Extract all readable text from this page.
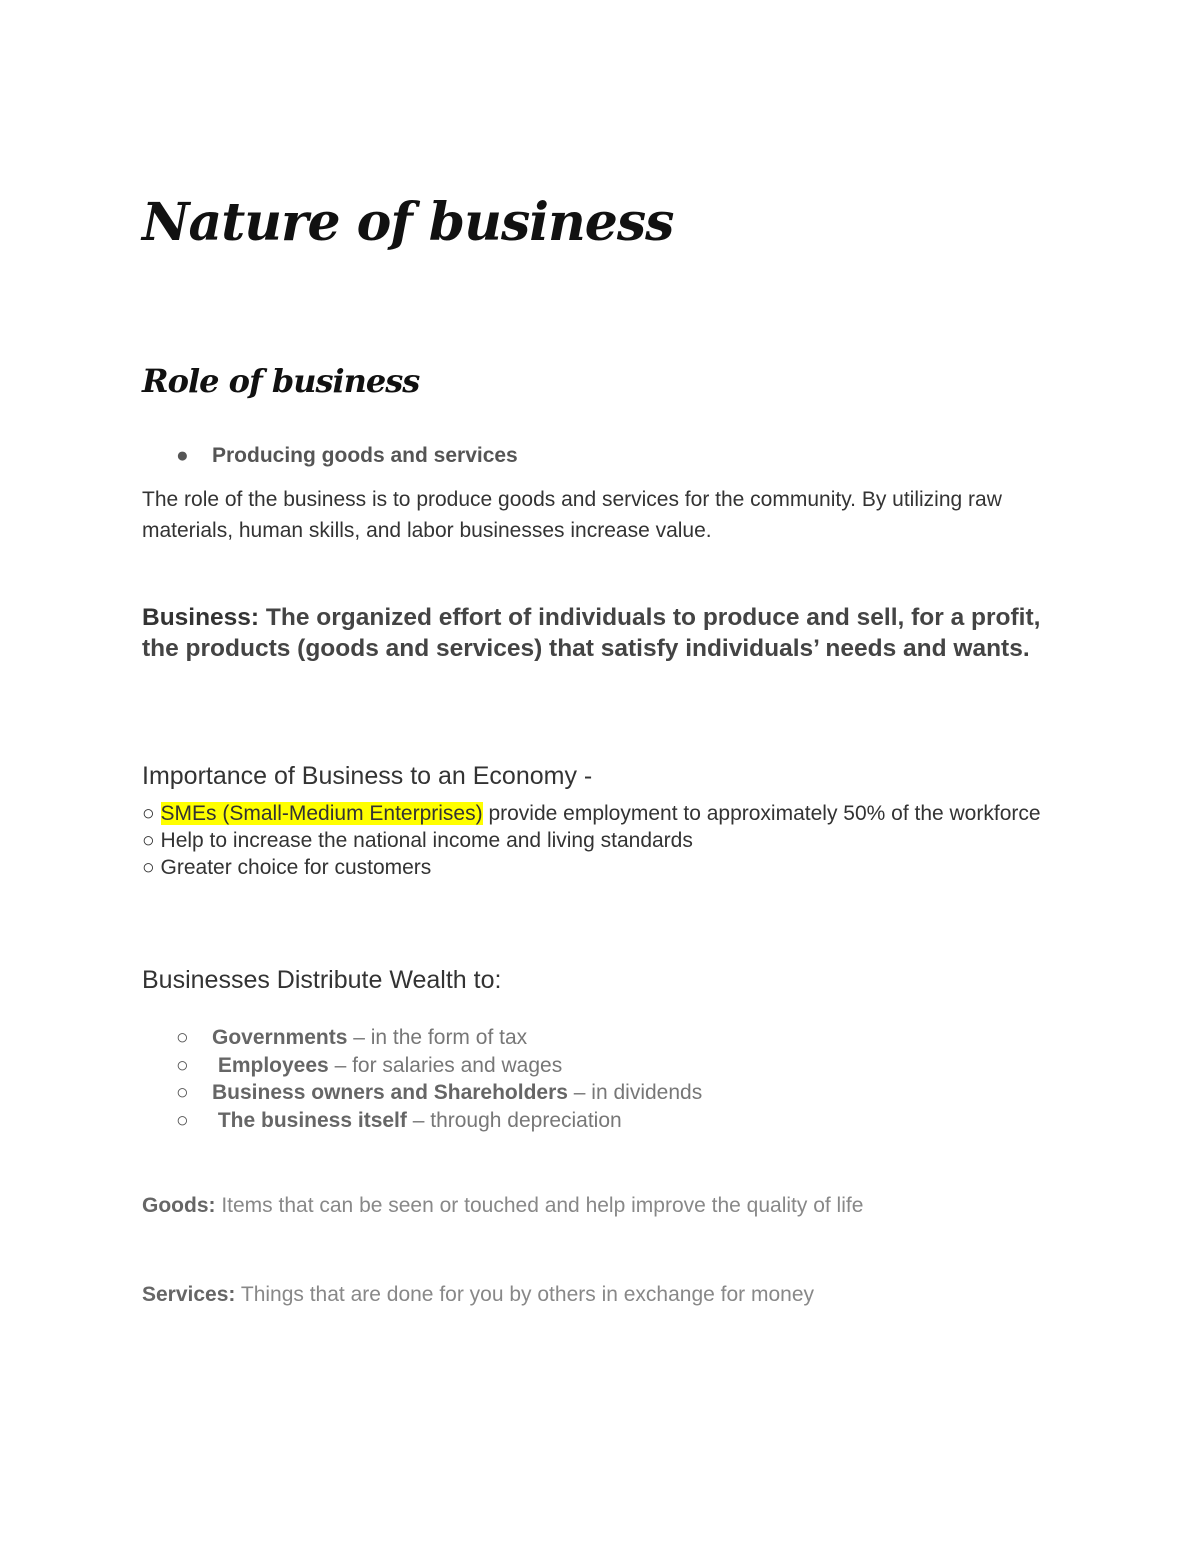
Nature of business
Role of business
● Producing goods and services
The role of the business is to produce goods and services for the community. By utilizing raw materials, human skills, and labor businesses increase value.
Business: The organized effort of individuals to produce and sell, for a profit, the products (goods and services) that satisfy individuals’ needs and wants.
Importance of Business to an Economy -
○ SMEs (Small-Medium Enterprises) provide employment to approximately 50% of the workforce
○ Help to increase the national income and living standards
○ Greater choice for customers
Businesses Distribute Wealth to:
○ Governments – in the form of tax
○ Employees – for salaries and wages
○ Business owners and Shareholders – in dividends
○ The business itself – through depreciation
Goods: Items that can be seen or touched and help improve the quality of life
Services: Things that are done for you by others in exchange for money
